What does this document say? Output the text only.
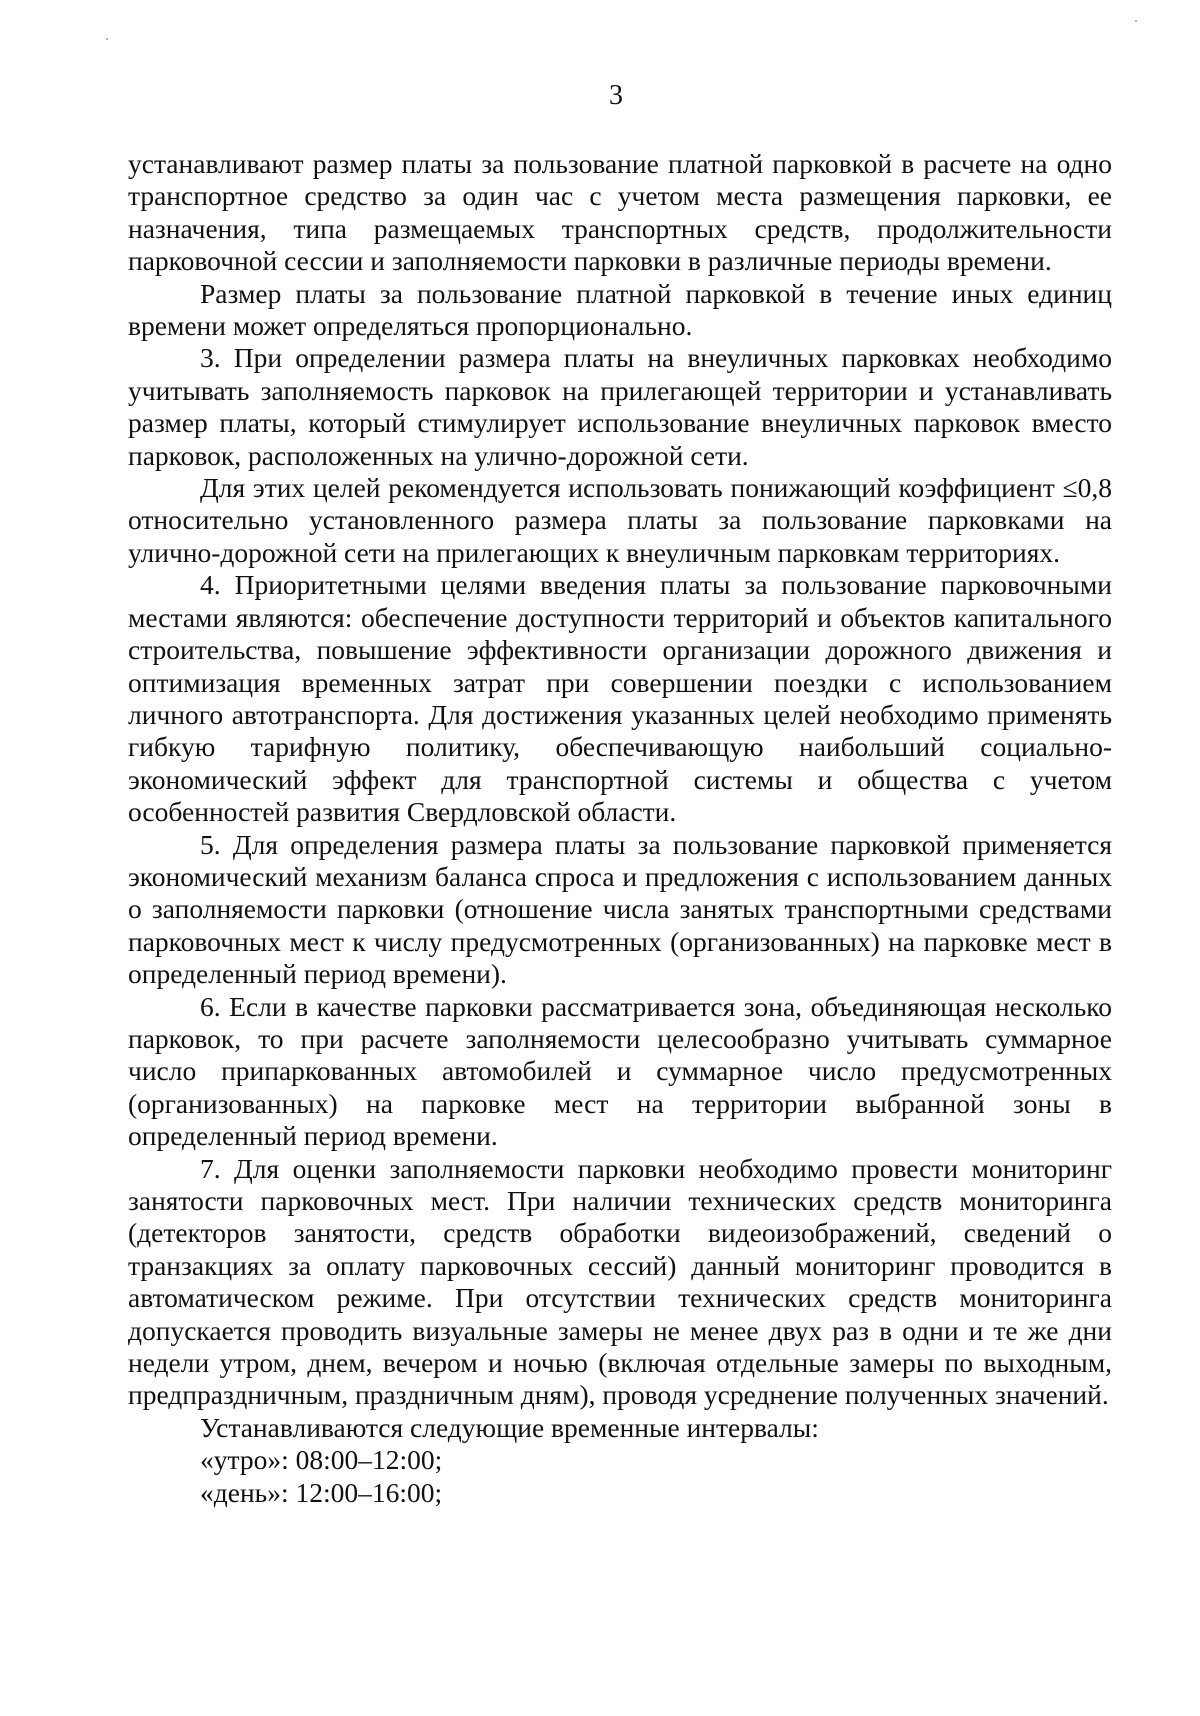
3

устанавливают размер платы за пользование платной парковкой в расчете на одно транспортное средство за один час с учетом места размещения парковки, ее назначения, типа размещаемых транспортных средств, продолжительности парковочной сессии и заполняемости парковки в различные периоды времени.

Размер платы за пользование платной парковкой в течение иных единиц времени может определяться пропорционально.

3. При определении размера платы на внеуличных парковках необходимо учитывать заполняемость парковок на прилегающей территории и устанавливать размер платы, который стимулирует использование внеуличных парковок вместо парковок, расположенных на улично-дорожной сети.

Для этих целей рекомендуется использовать понижающий коэффициент ≤0,8 относительно установленного размера платы за пользование парковками на улично-дорожной сети на прилегающих к внеуличным парковкам территориях.

4. Приоритетными целями введения платы за пользование парковочными местами являются: обеспечение доступности территорий и объектов капитального строительства, повышение эффективности организации дорожного движения и оптимизация временных затрат при совершении поездки с использованием личного автотранспорта. Для достижения указанных целей необходимо применять гибкую тарифную политику, обеспечивающую наибольший социально-экономический эффект для транспортной системы и общества с учетом особенностей развития Свердловской области.

5. Для определения размера платы за пользование парковкой применяется экономический механизм баланса спроса и предложения с использованием данных о заполняемости парковки (отношение числа занятых транспортными средствами парковочных мест к числу предусмотренных (организованных) на парковке мест в определенный период времени).

6. Если в качестве парковки рассматривается зона, объединяющая несколько парковок, то при расчете заполняемости целесообразно учитывать суммарное число припаркованных автомобилей и суммарное число предусмотренных (организованных) на парковке мест на территории выбранной зоны в определенный период времени.

7. Для оценки заполняемости парковки необходимо провести мониторинг занятости парковочных мест. При наличии технических средств мониторинга (детекторов занятости, средств обработки видеоизображений, сведений о транзакциях за оплату парковочных сессий) данный мониторинг проводится в автоматическом режиме. При отсутствии технических средств мониторинга допускается проводить визуальные замеры не менее двух раз в одни и те же дни недели утром, днем, вечером и ночью (включая отдельные замеры по выходным, предпраздничным, праздничным дням), проводя усреднение полученных значений.

Устанавливаются следующие временные интервалы:

«утро»: 08:00–12:00;

«день»: 12:00–16:00;
